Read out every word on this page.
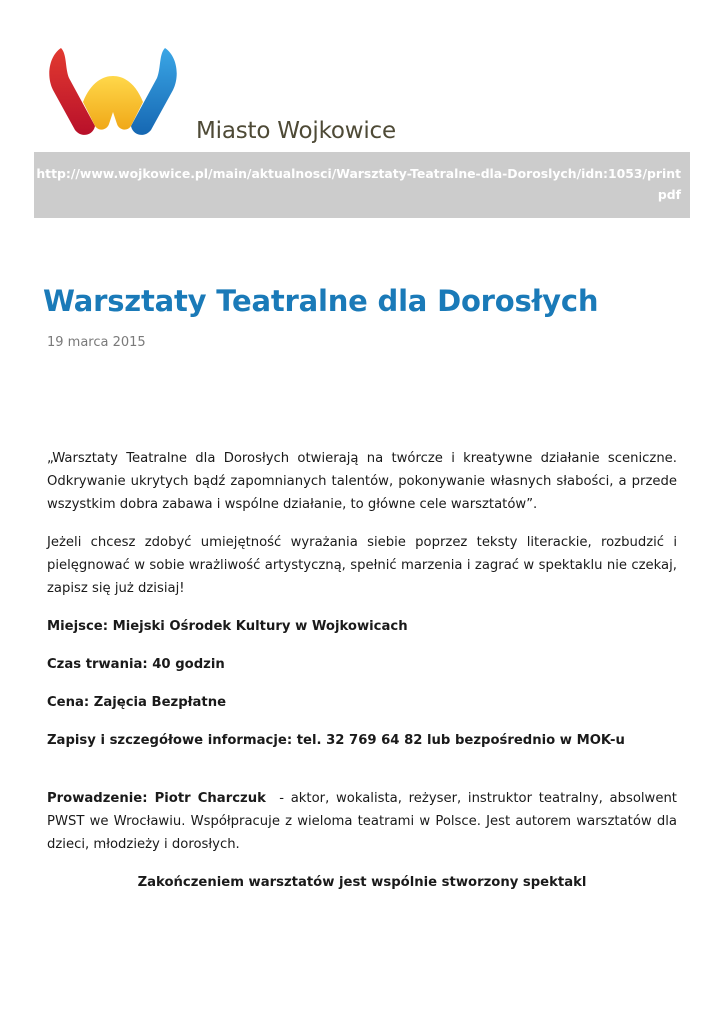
Miasto Wojkowice
http://www.wojkowice.pl/main/aktualnosci/Warsztaty-Teatralne-dla-Doroslych/idn:1053/print
pdf
Warsztaty Teatralne dla Dorosłych
19 marca 2015

„Warsztaty Teatralne dla Dorosłych otwierają na twórcze i kreatywne działanie sceniczne. Odkrywanie ukrytych bądź zapomnianych talentów, pokonywanie własnych słabości, a przede wszystkim dobra zabawa i wspólne działanie, to główne cele warsztatów”.

Jeżeli chcesz zdobyć umiejętność wyrażania siebie poprzez teksty literackie, rozbudzić i pielęgnować w sobie wrażliwość artystyczną, spełnić marzenia i zagrać w spektaklu nie czekaj, zapisz się już dzisiaj!

Miejsce: Miejski Ośrodek Kultury w Wojkowicach

Czas trwania: 40 godzin

Cena: Zajęcia Bezpłatne

Zapisy i szczegółowe informacje: tel. 32 769 64 82 lub bezpośrednio w MOK-u

Prowadzenie: Piotr Charczuk  - aktor, wokalista, reżyser, instruktor teatralny, absolwent PWST we Wrocławiu. Współpracuje z wieloma teatrami w Polsce. Jest autorem warsztatów dla dzieci, młodzieży i dorosłych.

Zakończeniem warsztatów jest wspólnie stworzony spektakl
